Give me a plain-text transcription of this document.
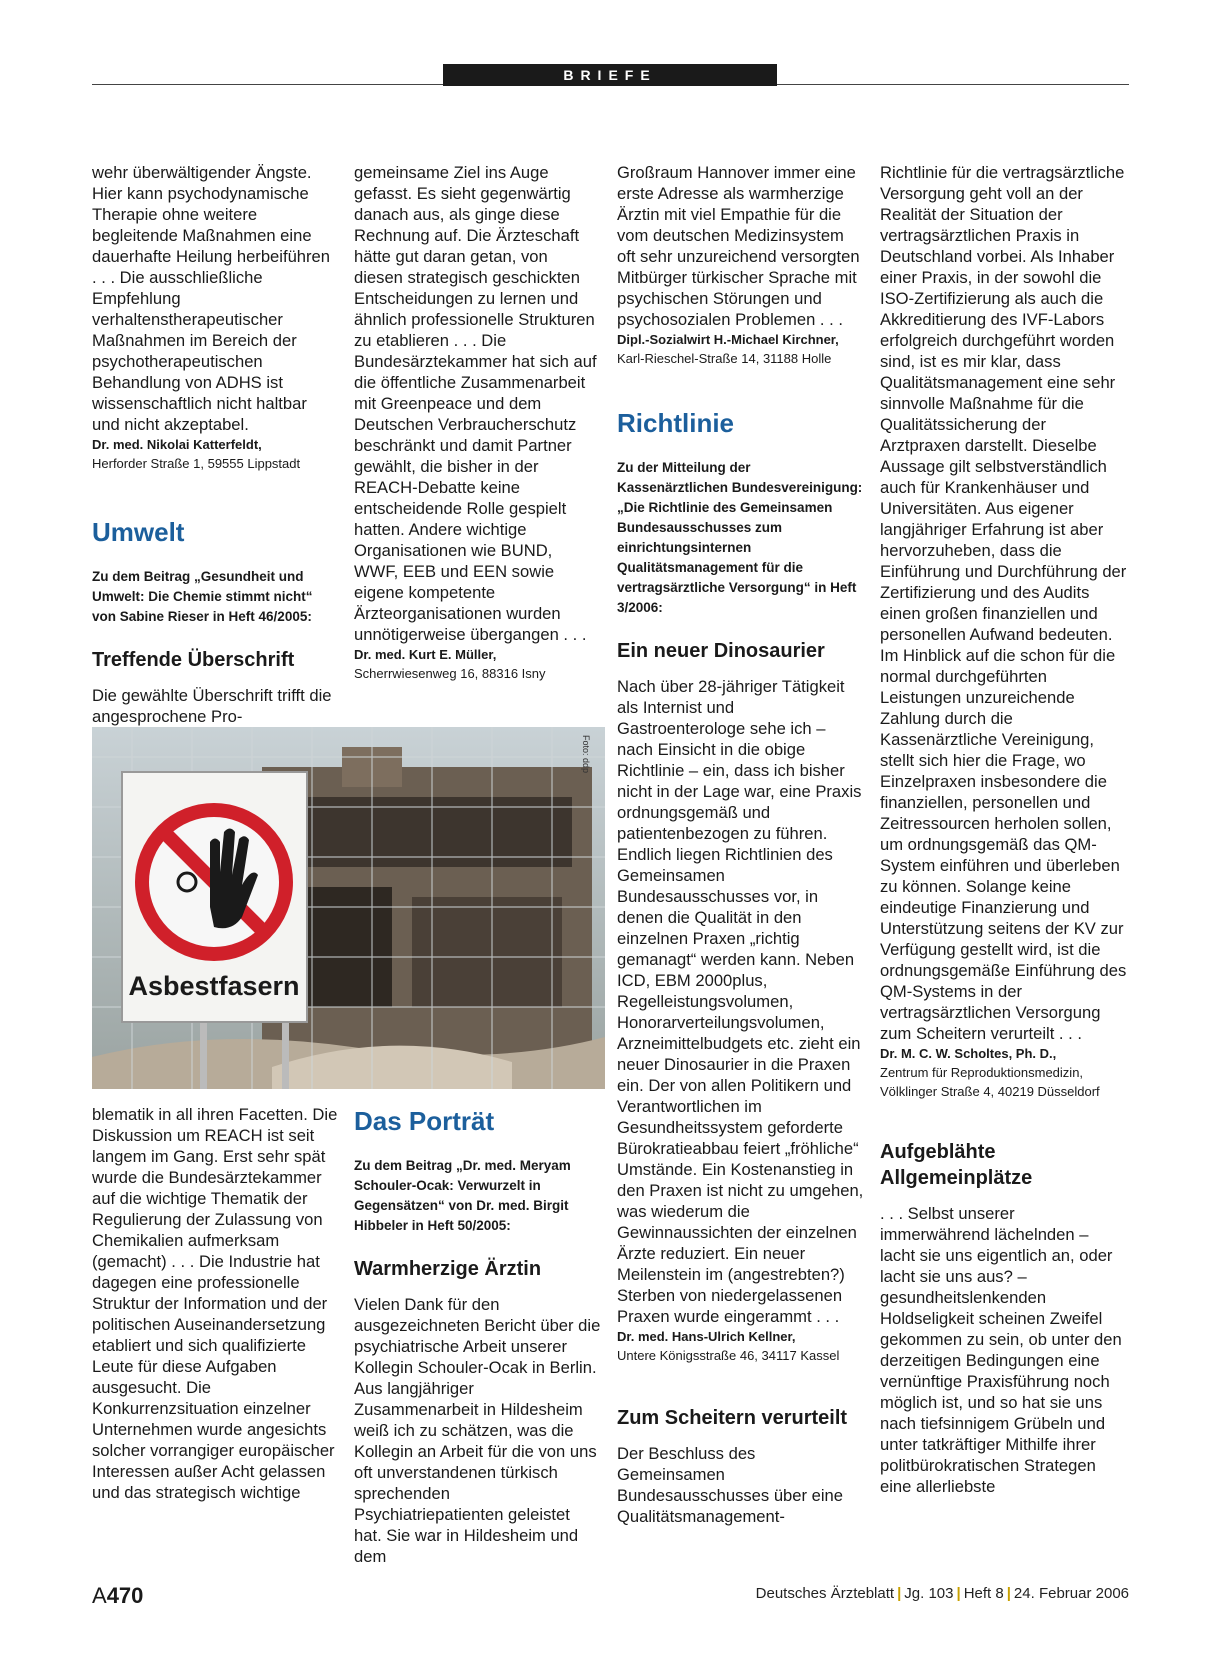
BRIEFE

wehr überwältigender Ängste. Hier kann psychodynamische Therapie ohne weitere begleitende Maßnahmen eine dauerhafte Heilung herbeiführen . . . Die ausschließliche Empfehlung verhaltenstherapeutischer Maßnahmen im Bereich der psychotherapeutischen Behandlung von ADHS ist wissenschaftlich nicht haltbar und nicht akzeptabel.

Dr. med. Nikolai Katterfeldt,

Herforder Straße 1, 59555 Lippstadt

Umwelt
Zu dem Beitrag „Gesundheit und Umwelt: Die Chemie stimmt nicht“ von Sabine Rieser in Heft 46/2005:
Treffende Überschrift

Die gewählte Überschrift trifft die angesprochene Pro-

blematik in all ihren Facetten. Die Diskussion um REACH ist seit langem im Gang. Erst sehr spät wurde die Bundesärztekammer auf die wichtige Thematik der Regulierung der Zulassung von Chemikalien aufmerksam (gemacht) . . . Die Industrie hat dagegen eine professionelle Struktur der Information und der politischen Auseinandersetzung etabliert und sich qualifizierte Leute für diese Aufgaben ausgesucht. Die Konkurrenzsituation einzelner Unternehmen wurde angesichts solcher vorrangiger europäischer Interessen außer Acht gelassen und das strategisch wichtige

gemeinsame Ziel ins Auge gefasst. Es sieht gegenwärtig danach aus, als ginge diese Rechnung auf. Die Ärzteschaft hätte gut daran getan, von diesen strategisch geschickten Entscheidungen zu lernen und ähnlich professionelle Strukturen zu etablieren . . . Die Bundesärztekammer hat sich auf die öffentliche Zusammenarbeit mit Greenpeace und dem Deutschen Verbraucherschutz beschränkt und damit Partner gewählt, die bisher in der REACH-Debatte keine entscheidende Rolle gespielt hatten. Andere wichtige Organisationen wie BUND, WWF, EEB und EEN sowie eigene kompetente Ärzteorganisationen wurden unnötigerweise übergangen . . .

Dr. med. Kurt E. Müller,

Scherrwiesenweg 16, 88316 Isny

Asbestfasern
Foto: ddp
Das Porträt
Zu dem Beitrag „Dr. med. Meryam Schouler-Ocak: Verwurzelt in Gegensätzen“ von Dr. med. Birgit Hibbeler in Heft 50/2005:
Warmherzige Ärztin

Vielen Dank für den ausgezeichneten Bericht über die psychiatrische Arbeit unserer Kollegin Schouler-Ocak in Berlin. Aus langjähriger Zusammenarbeit in Hildesheim weiß ich zu schätzen, was die Kollegin an Arbeit für die von uns oft unverstandenen türkisch sprechenden Psychiatriepatienten geleistet hat. Sie war in Hildesheim und dem

Großraum Hannover immer eine erste Adresse als warmherzige Ärztin mit viel Empathie für die vom deutschen Medizinsystem oft sehr unzureichend versorgten Mitbürger türkischer Sprache mit psychischen Störungen und psychosozialen Problemen . . .

Dipl.-Sozialwirt H.-Michael Kirchner, Karl-Rieschel-Straße 14, 31188 Holle

Richtlinie
Zu der Mitteilung der Kassenärztlichen Bundesvereinigung: „Die Richtlinie des Gemeinsamen Bundesausschusses zum einrichtungsinternen Qualitätsmanagement für die vertragsärztliche Versorgung“ in Heft 3/2006:
Ein neuer Dinosaurier

Nach über 28-jähriger Tätigkeit als Internist und Gastroenterologe sehe ich – nach Einsicht in die obige Richtlinie – ein, dass ich bisher nicht in der Lage war, eine Praxis ordnungsgemäß und patientenbezogen zu führen. Endlich liegen Richtlinien des Gemeinsamen Bundesausschusses vor, in denen die Qualität in den einzelnen Praxen „richtig gemanagt“ werden kann. Neben ICD, EBM 2000plus, Regelleistungsvolumen, Honorarverteilungsvolumen, Arzneimittelbudgets etc. zieht ein neuer Dinosaurier in die Praxen ein. Der von allen Politikern und Verantwortlichen im Gesundheitssystem geforderte Bürokratieabbau feiert „fröhliche“ Umstände. Ein Kostenanstieg in den Praxen ist nicht zu umgehen, was wiederum die Gewinnaussichten der einzelnen Ärzte reduziert. Ein neuer Meilenstein im (angestrebten?) Sterben von niedergelassenen Praxen wurde eingerammt . . .

Dr. med. Hans-Ulrich Kellner,

Untere Königsstraße 46, 34117 Kassel

Zum Scheitern verurteilt

Der Beschluss des Gemeinsamen Bundesausschusses über eine Qualitätsmanagement-

Richtlinie für die vertragsärztliche Versorgung geht voll an der Realität der Situation der vertragsärztlichen Praxis in Deutschland vorbei. Als Inhaber einer Praxis, in der sowohl die ISO-Zertifizierung als auch die Akkreditierung des IVF-Labors erfolgreich durchgeführt worden sind, ist es mir klar, dass Qualitätsmanagement eine sehr sinnvolle Maßnahme für die Qualitätssicherung der Arztpraxen darstellt. Dieselbe Aussage gilt selbstverständlich auch für Krankenhäuser und Universitäten. Aus eigener langjähriger Erfahrung ist aber hervorzuheben, dass die Einführung und Durchführung der Zertifizierung und des Audits einen großen finanziellen und personellen Aufwand bedeuten. Im Hinblick auf die schon für die normal durchgeführten Leistungen unzureichende Zahlung durch die Kassenärztliche Vereinigung, stellt sich hier die Frage, wo Einzelpraxen insbesondere die finanziellen, personellen und Zeitressourcen herholen sollen, um ordnungsgemäß das QM-System einführen und überleben zu können. Solange keine eindeutige Finanzierung und Unterstützung seitens der KV zur Verfügung gestellt wird, ist die ordnungsgemäße Einführung des QM-Systems in der vertragsärztlichen Versorgung zum Scheitern verurteilt . . .

Dr. M. C. W. Scholtes, Ph. D.,

Zentrum für Reproduktionsmedizin,

Völklinger Straße 4, 40219 Düsseldorf

Aufgeblähte Allgemeinplätze

. . . Selbst unserer immerwährend lächelnden – lacht sie uns eigentlich an, oder lacht sie uns aus? – gesundheitslenkenden Holdseligkeit scheinen Zweifel gekommen zu sein, ob unter den derzeitigen Bedingungen eine vernünftige Praxisführung noch möglich ist, und so hat sie uns nach tiefsinnigem Grübeln und unter tatkräftiger Mithilfe ihrer politbürokratischen Strategen eine allerliebste

A470	Deutsches Ärzteblatt | Jg. 103 | Heft 8 | 24. Februar 2006
